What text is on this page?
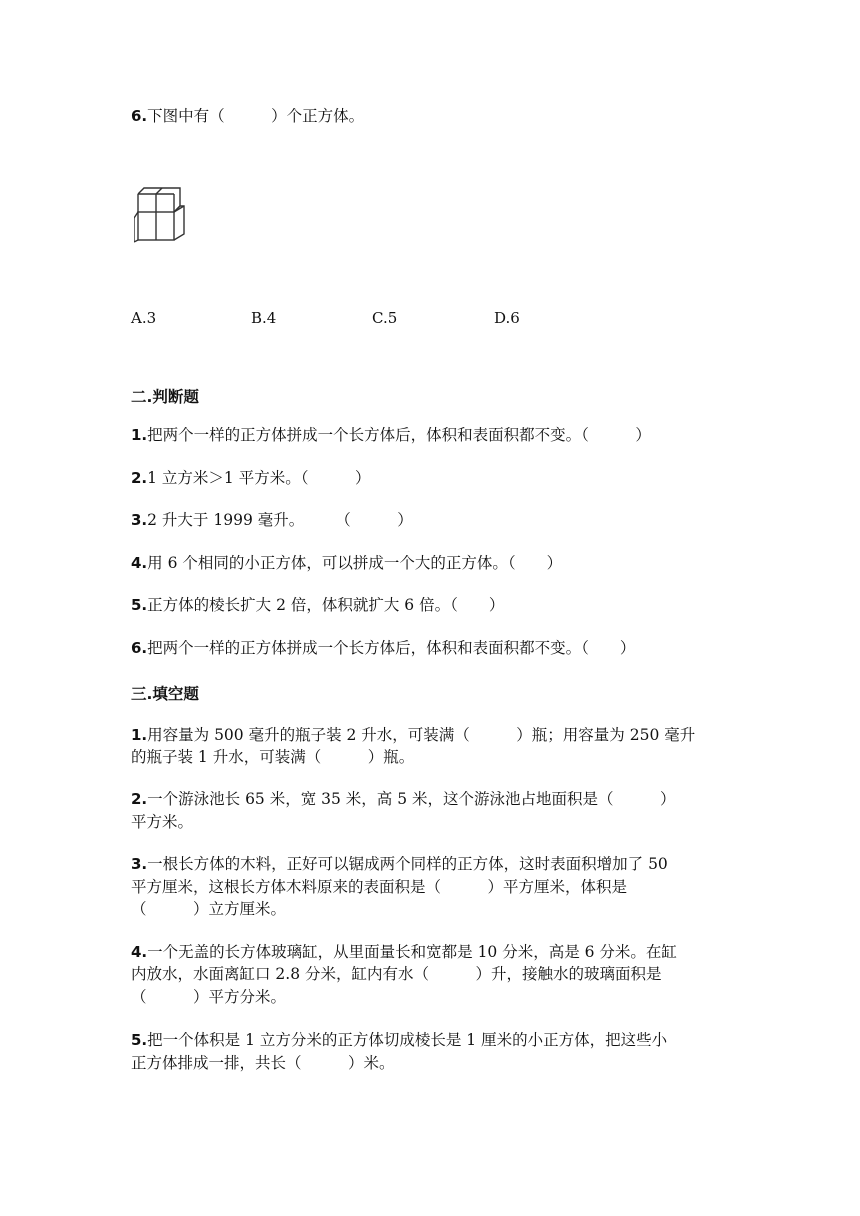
6.下图中有（　　　）个正方体。
A.3	B.4	C.5	D.6
二.判断题
1.把两个一样的正方体拼成一个长方体后，体积和表面积都不变。（　　　）
2.1 立方米＞1 平方米。（　　　）
3.2 升大于 1999 毫升。　　　（　　　）
4.用 6 个相同的小正方体，可以拼成一个大的正方体。（　　）
5.正方体的棱长扩大 2 倍，体积就扩大 6 倍。（　　）
6.把两个一样的正方体拼成一个长方体后，体积和表面积都不变。（　　）
三.填空题
1.用容量为 500 毫升的瓶子装 2 升水，可装满（　　　）瓶；用容量为 250 毫升
的瓶子装 1 升水，可装满（　　　）瓶。
2.一个游泳池长 65 米，宽 35 米，高 5 米，这个游泳池占地面积是（　　　）
平方米。
3.一根长方体的木料，正好可以锯成两个同样的正方体，这时表面积增加了 50
平方厘米，这根长方体木料原来的表面积是（　　　）平方厘米，体积是
（　　　）立方厘米。
4.一个无盖的长方体玻璃缸，从里面量长和宽都是 10 分米，高是 6 分米。在缸
内放水，水面离缸口 2.8 分米，缸内有水（　　　）升，接触水的玻璃面积是
（　　　）平方分米。
5.把一个体积是 1 立方分米的正方体切成棱长是 1 厘米的小正方体，把这些小
正方体排成一排，共长（　　　）米。
